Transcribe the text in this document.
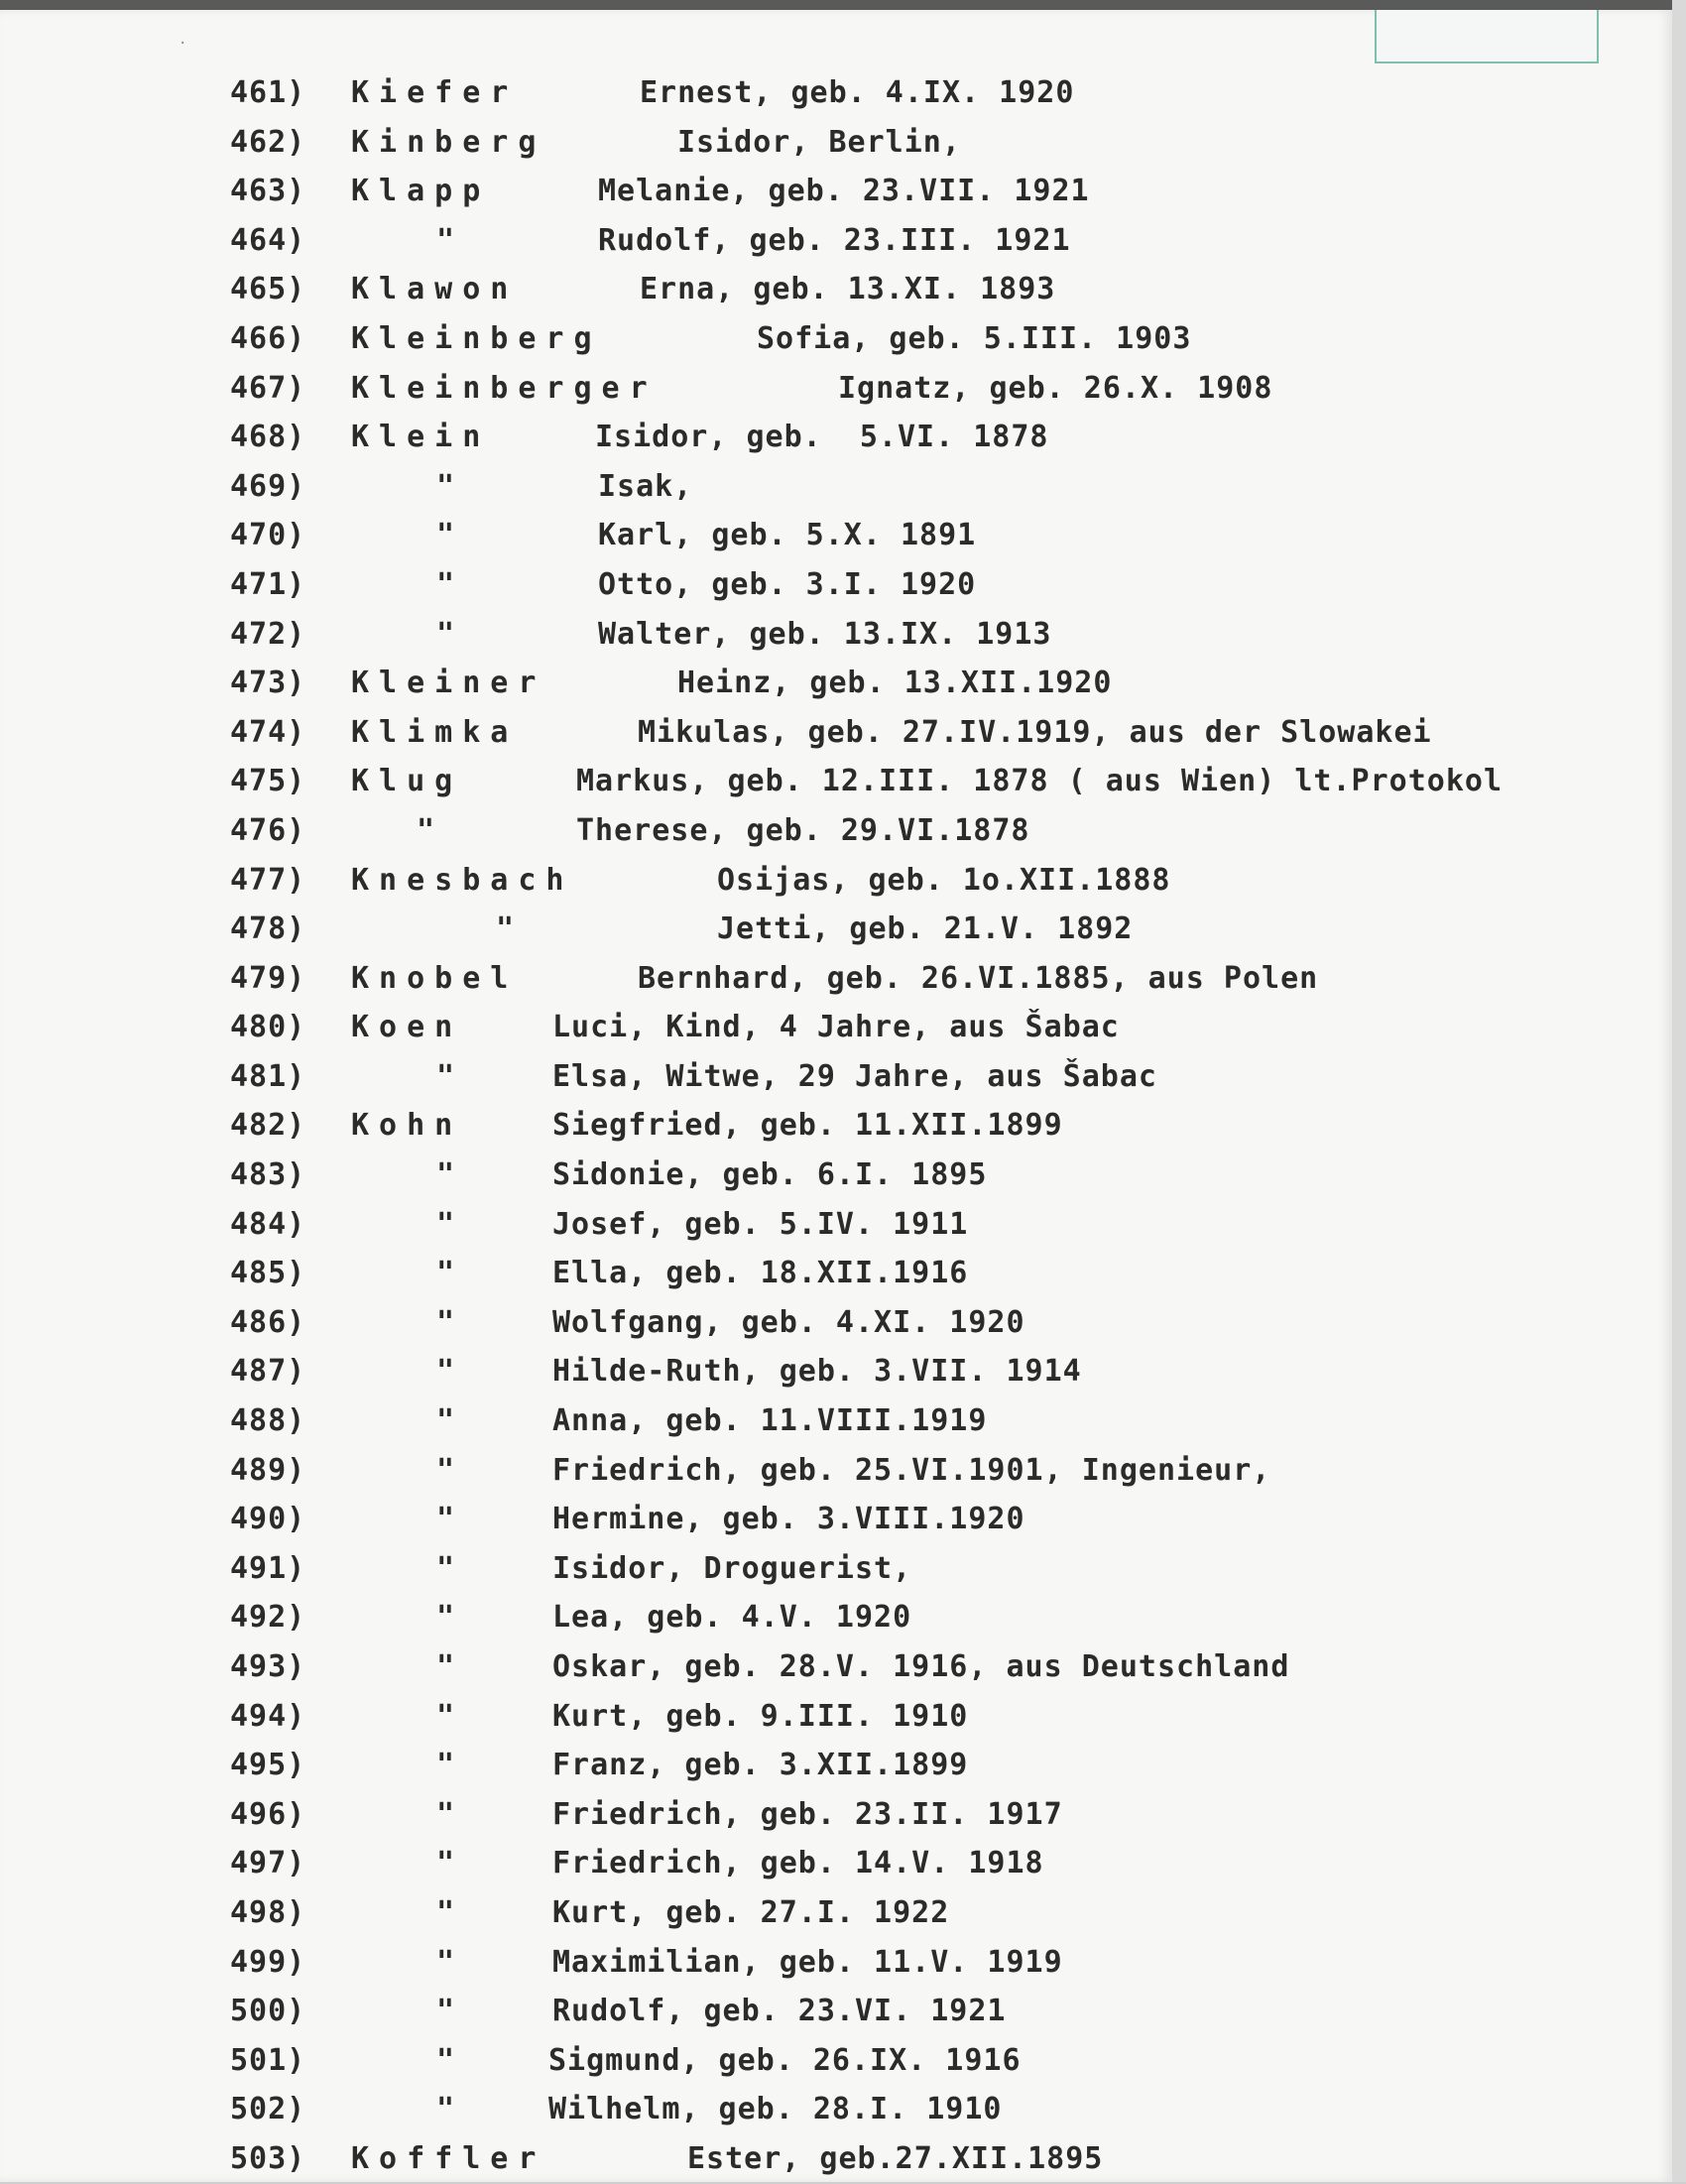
·
461) Kiefer	Ernest, geb. 4.IX. 1920
462) Kinberg	Isidor, Berlin,
463) Klapp	Melanie, geb. 23.VII. 1921
464)	"	Rudolf, geb. 23.III. 1921
465) Klawon	Erna, geb. 13.XI. 1893
466) Kleinberg	Sofia, geb. 5.III. 1903
467) Kleinberger	Ignatz, geb. 26.X. 1908
468) Klein	Isidor, geb.  5.VI. 1878
469)	"	Isak,
470)	"	Karl, geb. 5.X. 1891
471)	"	Otto, geb. 3.I. 1920
472)	"	Walter, geb. 13.IX. 1913
473) Kleiner	Heinz, geb. 13.XII.1920
474) Klimka	Mikulas, geb. 27.IV.1919, aus der Slowakei
475) Klug	Markus, geb. 12.III. 1878 ( aus Wien) lt.Protokol
476)	"	Therese, geb. 29.VI.1878
477) Knesbach	Osijas, geb. 1o.XII.1888
478)	"	Jetti, geb. 21.V. 1892
479) Knobel	Bernhard, geb. 26.VI.1885, aus Polen
480) Koen	Luci, Kind, 4 Jahre, aus Šabac
481)	"	Elsa, Witwe, 29 Jahre, aus Šabac
482) Kohn	Siegfried, geb. 11.XII.1899
483)	"	Sidonie, geb. 6.I. 1895
484)	"	Josef, geb. 5.IV. 1911
485)	"	Ella, geb. 18.XII.1916
486)	"	Wolfgang, geb. 4.XI. 1920
487)	"	Hilde-Ruth, geb. 3.VII. 1914
488)	"	Anna, geb. 11.VIII.1919
489)	"	Friedrich, geb. 25.VI.1901, Ingenieur,
490)	"	Hermine, geb. 3.VIII.1920
491)	"	Isidor, Droguerist,
492)	"	Lea, geb. 4.V. 1920
493)	"	Oskar, geb. 28.V. 1916, aus Deutschland
494)	"	Kurt, geb. 9.III. 1910
495)	"	Franz, geb. 3.XII.1899
496)	"	Friedrich, geb. 23.II. 1917
497)	"	Friedrich, geb. 14.V. 1918
498)	"	Kurt, geb. 27.I. 1922
499)	"	Maximilian, geb. 11.V. 1919
500)	"	Rudolf, geb. 23.VI. 1921
501)	"	Sigmund, geb. 26.IX. 1916
502)	"	Wilhelm, geb. 28.I. 1910
503) Koffler	Ester, geb.27.XII.1895
